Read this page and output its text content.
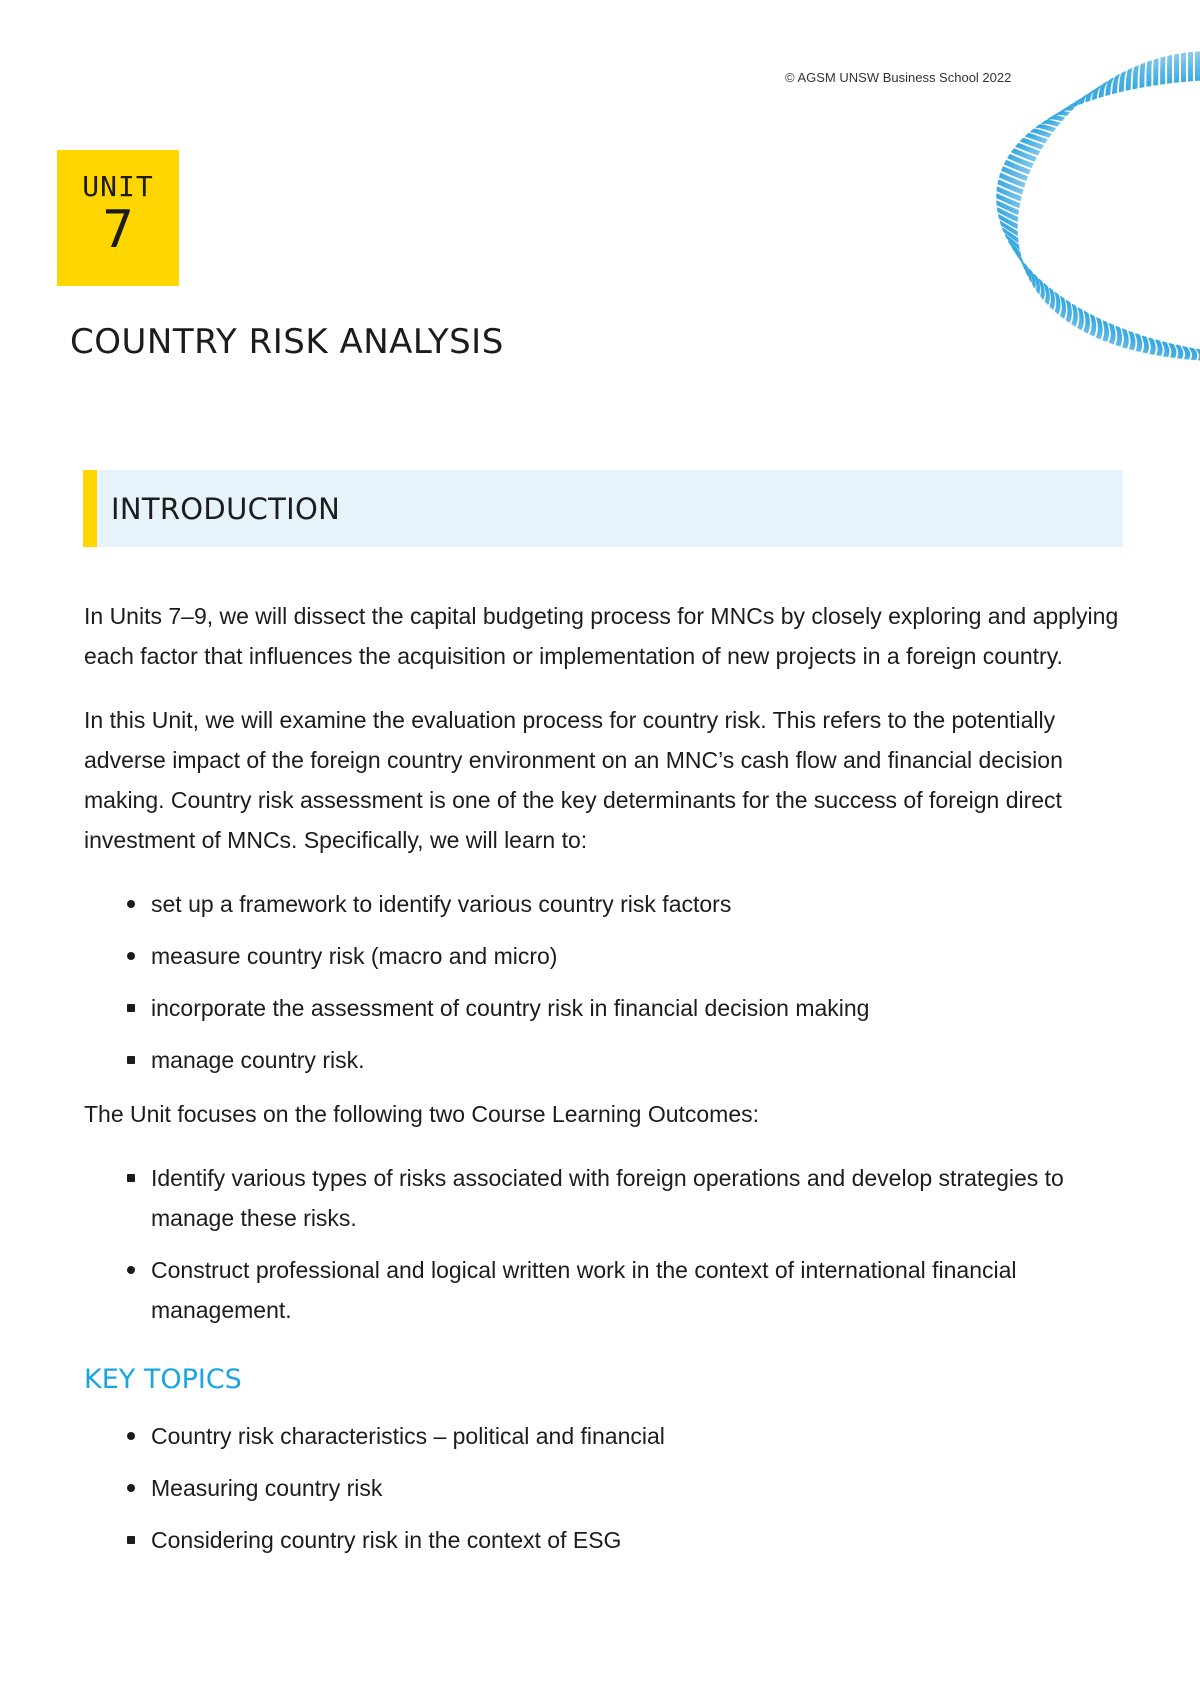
© AGSM UNSW Business School 2022
UNIT
7
COUNTRY RISK ANALYSIS
INTRODUCTION

In Units 7–9, we will dissect the capital budgeting process for MNCs by closely exploring and applying each factor that influences the acquisition or implementation of new projects in a foreign country.

In this Unit, we will examine the evaluation process for country risk. This refers to the potentially adverse impact of the foreign country environment on an MNC’s cash flow and financial decision making. Country risk assessment is one of the key determinants for the success of foreign direct investment of MNCs. Specifically, we will learn to:

set up a framework to identify various country risk factors
measure country risk (macro and micro)
incorporate the assessment of country risk in financial decision making
manage country risk.

The Unit focuses on the following two Course Learning Outcomes:

Identify various types of risks associated with foreign operations and develop strategies to manage these risks.
Construct professional and logical written work in the context of international financial management.
KEY TOPICS
Country risk characteristics – political and financial
Measuring country risk
Considering country risk in the context of ESG
